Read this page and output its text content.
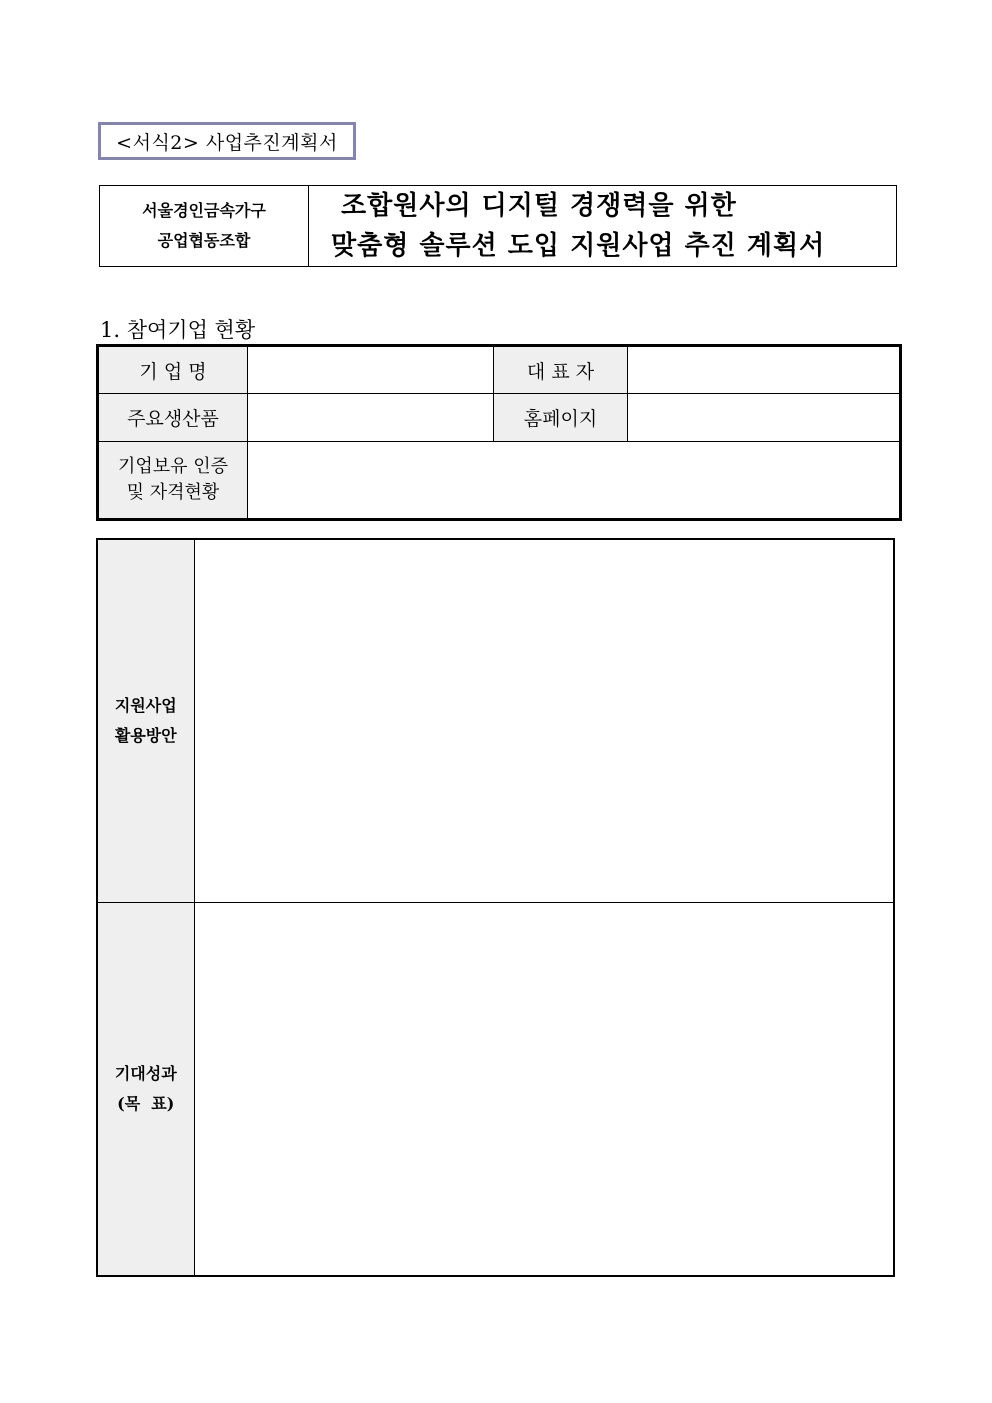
<서식2> 사업추진계획서
서울경인금속가구
공업협동조합

조합원사의 디지털 경쟁력을 위한
맞춤형 솔루션 도입 지원사업 추진 계획서
1. 참여기업 현황
기 업 명		대 표 자	
주요생산품		홈페이지	

기업보유 인증
및 자격현황			

지원사업
활용방안	

기대성과
(목  표)	
